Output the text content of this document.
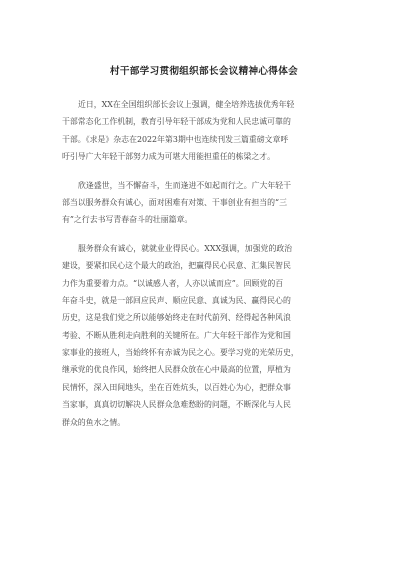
村干部学习贯彻组织部长会议精神心得体会
近日，XX在全国组织部长会议上强调，健全培养选拔优秀年轻
干部常态化工作机制，教育引导年轻干部成为党和人民忠诚可靠的
干部。《求是》杂志在2022年第3期中也连续刊发三篇重磅文章呼
吁引导广大年轻干部努力成为可堪大用能担重任的栋梁之才。
欣逢盛世，当不懈奋斗，生而逢进不如起而行之。广大年轻干
部当以服务群众有诚心，面对困难有对策、干事创业有担当的“三
有”之行去书写青春奋斗的壮丽篇章。
服务群众有诚心，就就业业得民心。XXX强调，加强党的政治
建设，要紧扣民心这个最大的政治，把赢得民心民意、汇集民智民
力作为重要着力点。“以诚感人者，人亦以诚而应”。回顾党的百
年奋斗史，就是一部回应民声、顺应民意、真诚为民、赢得民心的
历史，这是我们党之所以能够始终走在时代前列、经得起各种风浪
考验、不断从胜利走向胜利的关键所在。广大年轻干部作为党和国
家事业的接班人，当始终怀有赤诚为民之心。要学习党的光荣历史，
继承党的优良作风，始终把人民群众放在心中最高的位置，厚植为
民情怀，深入田间地头，坐在百姓炕头，以百姓心为心，把群众事
当家事，真真切切解决人民群众急难愁盼的问题，不断深化与人民
群众的鱼水之情。
